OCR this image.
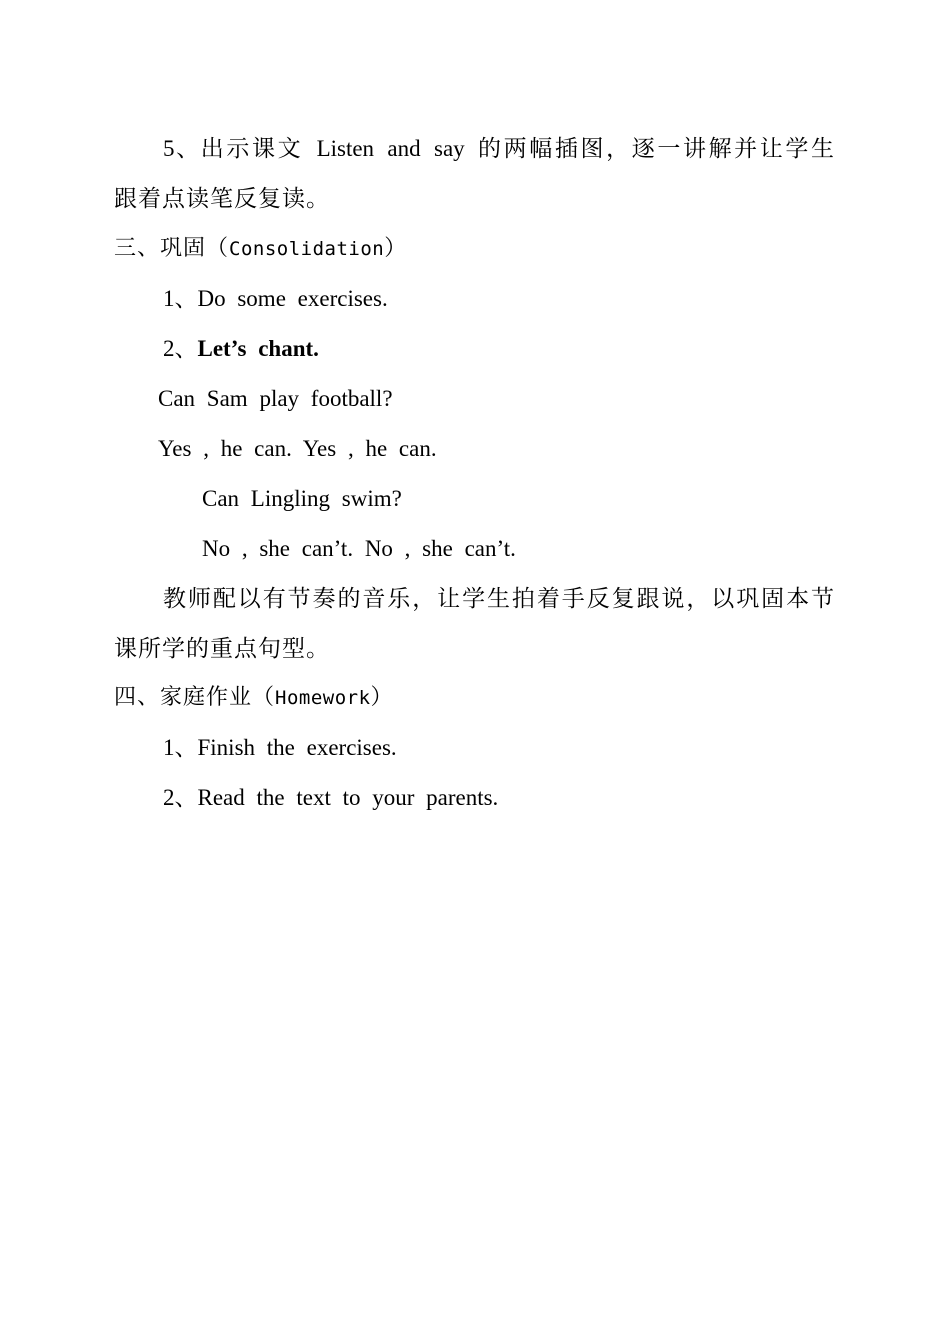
5、出示课文 Listen and say 的两幅插图，逐一讲解并让学生
跟着点读笔反复读。
三、巩固（Consolidation）
1、Do some exercises.
2、Let’s chant.
Can Sam play football?
Yes , he can. Yes , he can.
Can Lingling swim?
No , she can’t. No , she can’t.
教师配以有节奏的音乐，让学生拍着手反复跟说，以巩固本节
课所学的重点句型。
四、家庭作业（Homework）
1、Finish the exercises.
2、Read the text to your parents.
